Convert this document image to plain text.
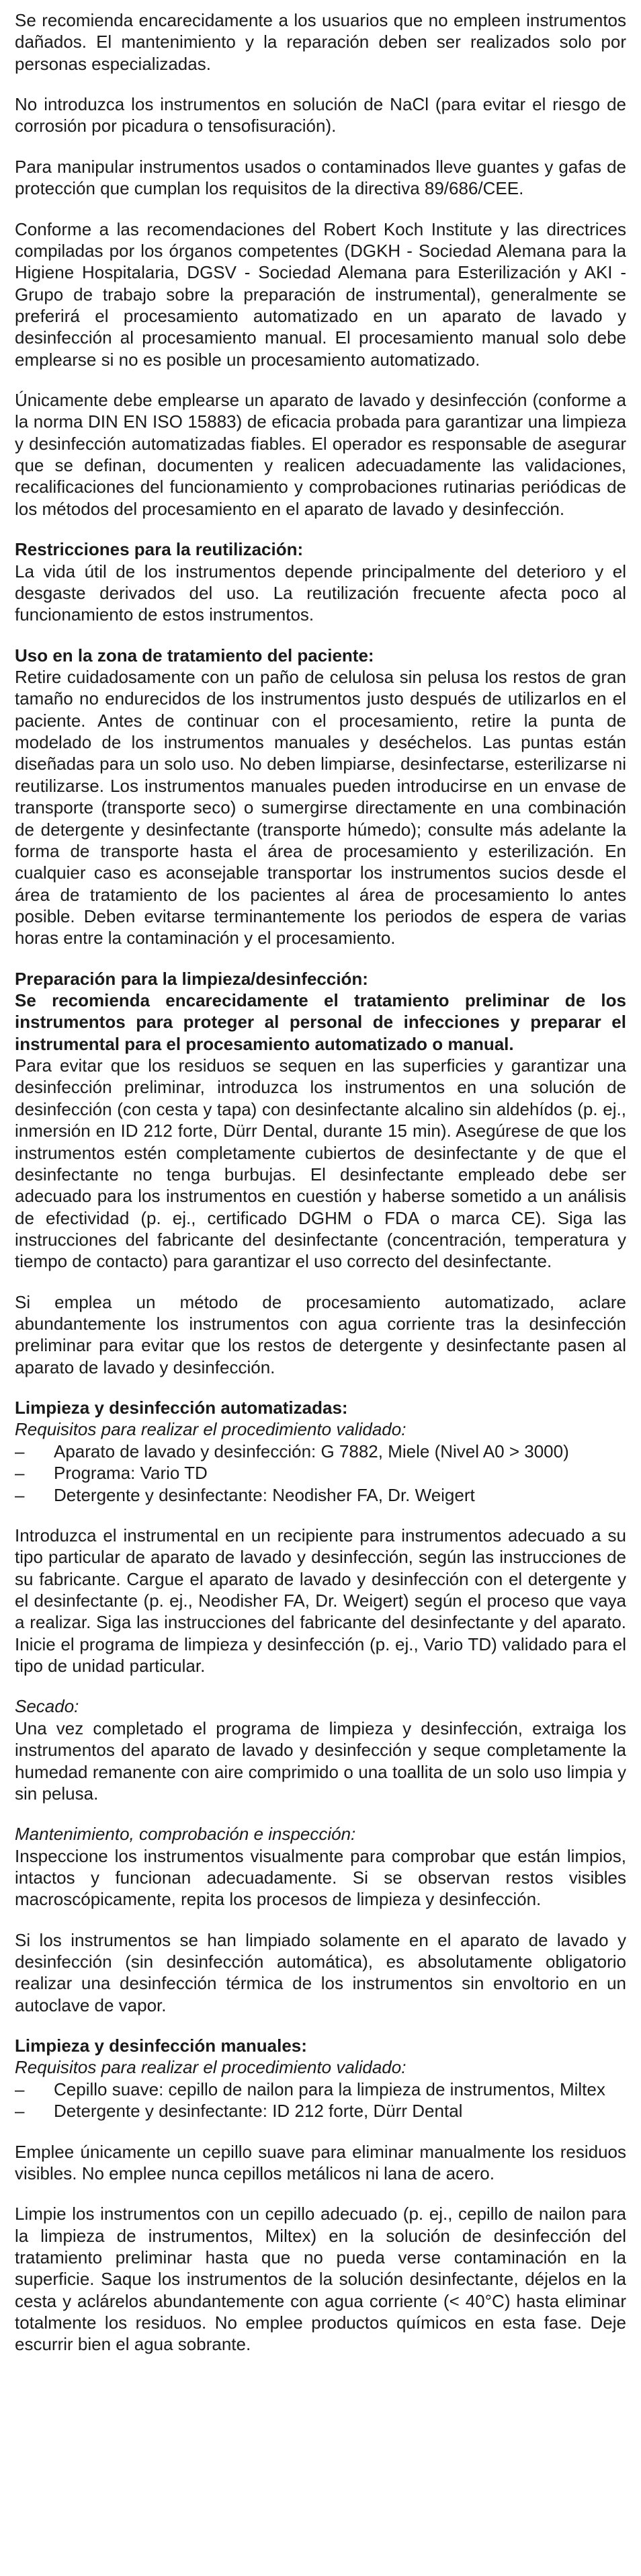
Se recomienda encarecidamente a los usuarios que no empleen instrumentos dañados. El mantenimiento y la reparación deben ser realizados solo por personas especializadas.

No introduzca los instrumentos en solución de NaCl (para evitar el riesgo de corrosión por picadura o tensofisuración).

Para manipular instrumentos usados o contaminados lleve guantes y gafas de protección que cumplan los requisitos de la directiva 89/686/CEE.

Conforme a las recomendaciones del Robert Koch Institute y las directrices compiladas por los órganos competentes (DGKH - Sociedad Alemana para la Higiene Hospitalaria, DGSV - Sociedad Alemana para Esterilización y AKI - Grupo de trabajo sobre la preparación de instrumental), generalmente se preferirá el procesamiento automatizado en un aparato de lavado y desinfección al procesamiento manual. El procesamiento manual solo debe emplearse si no es posible un procesamiento automatizado.

Únicamente debe emplearse un aparato de lavado y desinfección (conforme a la norma DIN EN ISO 15883) de eficacia probada para garantizar una limpieza y desinfección automatizadas fiables. El operador es responsable de asegurar que se definan, documenten y realicen adecuadamente las validaciones, recalificaciones del funcionamiento y comprobaciones rutinarias periódicas de los métodos del procesamiento en el aparato de lavado y desinfección.

Restricciones para la reutilización:
La vida útil de los instrumentos depende principalmente del deterioro y el desgaste derivados del uso. La reutilización frecuente afecta poco al funcionamiento de estos instrumentos.
Uso en la zona de tratamiento del paciente:
Retire cuidadosamente con un paño de celulosa sin pelusa los restos de gran tamaño no endurecidos de los instrumentos justo después de utilizarlos en el paciente. Antes de continuar con el procesamiento, retire la punta de modelado de los instrumentos manuales y deséchelos. Las puntas están diseñadas para un solo uso. No deben limpiarse, desinfectarse, esterilizarse ni reutilizarse. Los instrumentos manuales pueden introducirse en un envase de transporte (transporte seco) o sumergirse directamente en una combinación de detergente y desinfectante (transporte húmedo); consulte más adelante la forma de transporte hasta el área de procesamiento y esterilización. En cualquier caso es aconsejable transportar los instrumentos sucios desde el área de tratamiento de los pacientes al área de procesamiento lo antes posible. Deben evitarse terminantemente los periodos de espera de varias horas entre la contaminación y el procesamiento.
Preparación para la limpieza/desinfección:
Se recomienda encarecidamente el tratamiento preliminar de los instrumentos para proteger al personal de infecciones y preparar el instrumental para el procesamiento automatizado o manual.
Para evitar que los residuos se sequen en las superficies y garantizar una desinfección preliminar, introduzca los instrumentos en una solución de desinfección (con cesta y tapa) con desinfectante alcalino sin aldehídos (p. ej., inmersión en ID 212 forte, Dürr Dental, durante 15 min). Asegúrese de que los instrumentos estén completamente cubiertos de desinfectante y de que el desinfectante no tenga burbujas. El desinfectante empleado debe ser adecuado para los instrumentos en cuestión y haberse sometido a un análisis de efectividad (p. ej., certificado DGHM o FDA o marca CE). Siga las instrucciones del fabricante del desinfectante (concentración, temperatura y tiempo de contacto) para garantizar el uso correcto del desinfectante.

Si emplea un método de procesamiento automatizado, aclare abundantemente los instrumentos con agua corriente tras la desinfección preliminar para evitar que los restos de detergente y desinfectante pasen al aparato de lavado y desinfección.

Limpieza y desinfección automatizadas:
Requisitos para realizar el procedimiento validado:
– Aparato de lavado y desinfección: G 7882, Miele (Nivel A0 > 3000)
– Programa: Vario TD
– Detergente y desinfectante: Neodisher FA, Dr. Weigert

Introduzca el instrumental en un recipiente para instrumentos adecuado a su tipo particular de aparato de lavado y desinfección, según las instrucciones de su fabricante. Cargue el aparato de lavado y desinfección con el detergente y el desinfectante (p. ej., Neodisher FA, Dr. Weigert) según el proceso que vaya a realizar. Siga las instrucciones del fabricante del desinfectante y del aparato. Inicie el programa de limpieza y desinfección (p. ej., Vario TD) validado para el tipo de unidad particular.

Secado:
Una vez completado el programa de limpieza y desinfección, extraiga los instrumentos del aparato de lavado y desinfección y seque completamente la humedad remanente con aire comprimido o una toallita de un solo uso limpia y sin pelusa.
Mantenimiento, comprobación e inspección:
Inspeccione los instrumentos visualmente para comprobar que están limpios, intactos y funcionan adecuadamente. Si se observan restos visibles macroscópicamente, repita los procesos de limpieza y desinfección.

Si los instrumentos se han limpiado solamente en el aparato de lavado y desinfección (sin desinfección automática), es absolutamente obligatorio realizar una desinfección térmica de los instrumentos sin envoltorio en un autoclave de vapor.

Limpieza y desinfección manuales:
Requisitos para realizar el procedimiento validado:
– Cepillo suave: cepillo de nailon para la limpieza de instrumentos, Miltex
– Detergente y desinfectante: ID 212 forte, Dürr Dental

Emplee únicamente un cepillo suave para eliminar manualmente los residuos visibles. No emplee nunca cepillos metálicos ni lana de acero.

Limpie los instrumentos con un cepillo adecuado (p. ej., cepillo de nailon para la limpieza de instrumentos, Miltex) en la solución de desinfección del tratamiento preliminar hasta que no pueda verse contaminación en la superficie. Saque los instrumentos de la solución desinfectante, déjelos en la cesta y aclárelos abundantemente con agua corriente (< 40°C) hasta eliminar totalmente los residuos. No emplee productos químicos en esta fase. Deje escurrir bien el agua sobrante.
